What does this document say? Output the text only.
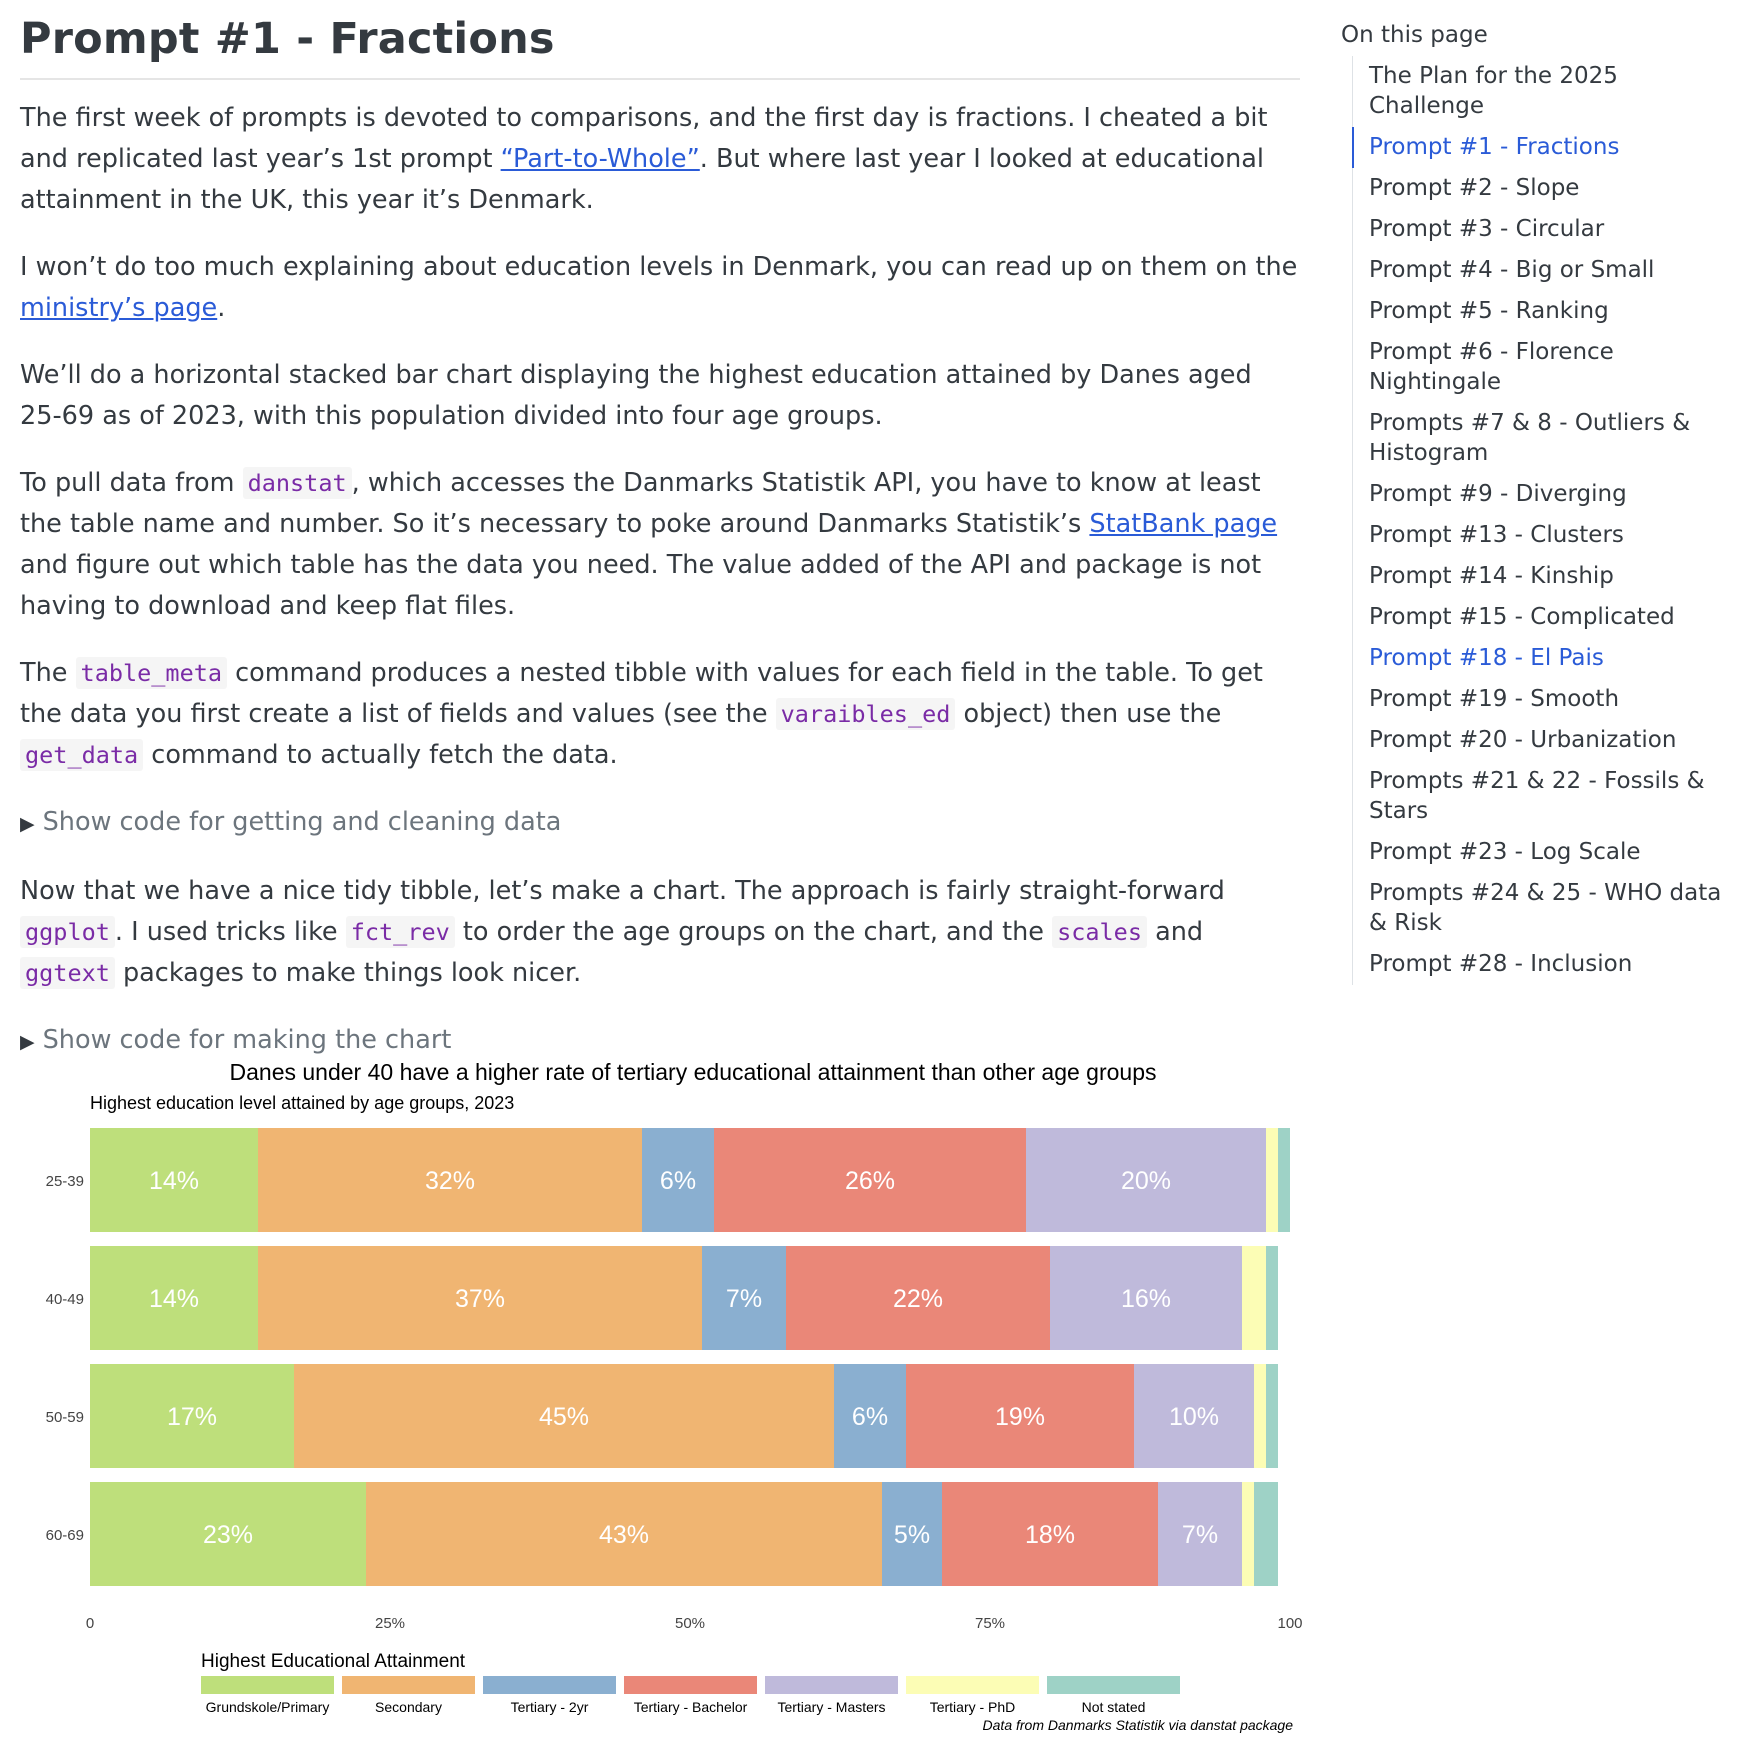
Prompt #1 - Fractions

The first week of prompts is devoted to comparisons, and the first day is fractions. I cheated a bit and replicated last year’s 1st prompt “Part-to-Whole”. But where last year I looked at educational attainment in the UK, this year it’s Denmark.

I won’t do too much explaining about education levels in Denmark, you can read up on them on the ministry’s page.

We’ll do a horizontal stacked bar chart displaying the highest education attained by Danes aged 25-69 as of 2023, with this population divided into four age groups.

To pull data from danstat , which accesses the Danmarks Statistik API, you have to know at least the table name and number. So it’s necessary to poke around Danmarks Statistik’s StatBank page and figure out which table has the data you need. The value added of the API and package is not having to download and keep flat files.

The table_meta command produces a nested tibble with values for each field in the table. To get the data you first create a list of fields and values (see the varaibles_ed object) then use the get_data command to actually fetch the data.

▶ Show code for getting and cleaning data

Now that we have a nice tidy tibble, let’s make a chart. The approach is fairly straight-forward ggplot . I used tricks like fct_rev to order the age groups on the chart, and the scales and ggtext packages to make things look nicer.

▶ Show code for making the chart
Danes under 40 have a higher rate of tertiary educational attainment than other age groups
Highest education level attained by age groups, 2023
14%	32%	6%	26%	20%
14%	37%	7%	22%	16%
17%	45%	6%	19%	10%
23%	43%	5%	18%	7%
25-39
40-49
50-59
60-69
0	25%	50%	75%	100
Highest Educational Attainment
Grundskole/Primary	Secondary	Tertiary - 2yr	Tertiary - Bachelor Tertiary - Masters	Tertiary - PhD	Not stated
Data from Danmarks Statistik via danstat package
On this page
The Plan for the 2025 Challenge
Prompt #1 - Fractions
Prompt #2 - Slope
Prompt #3 - Circular
Prompt #4 - Big or Small
Prompt #5 - Ranking
Prompt #6 - Florence Nightingale
Prompts #7 & 8 - Outliers & Histogram
Prompt #9 - Diverging
Prompt #13 - Clusters
Prompt #14 - Kinship
Prompt #15 - Complicated
Prompt #18 - El Pais
Prompt #19 - Smooth
Prompt #20 - Urbanization
Prompts #21 & 22 - Fossils & Stars
Prompt #23 - Log Scale
Prompts #24 & 25 - WHO data & Risk
Prompt #28 - Inclusion
